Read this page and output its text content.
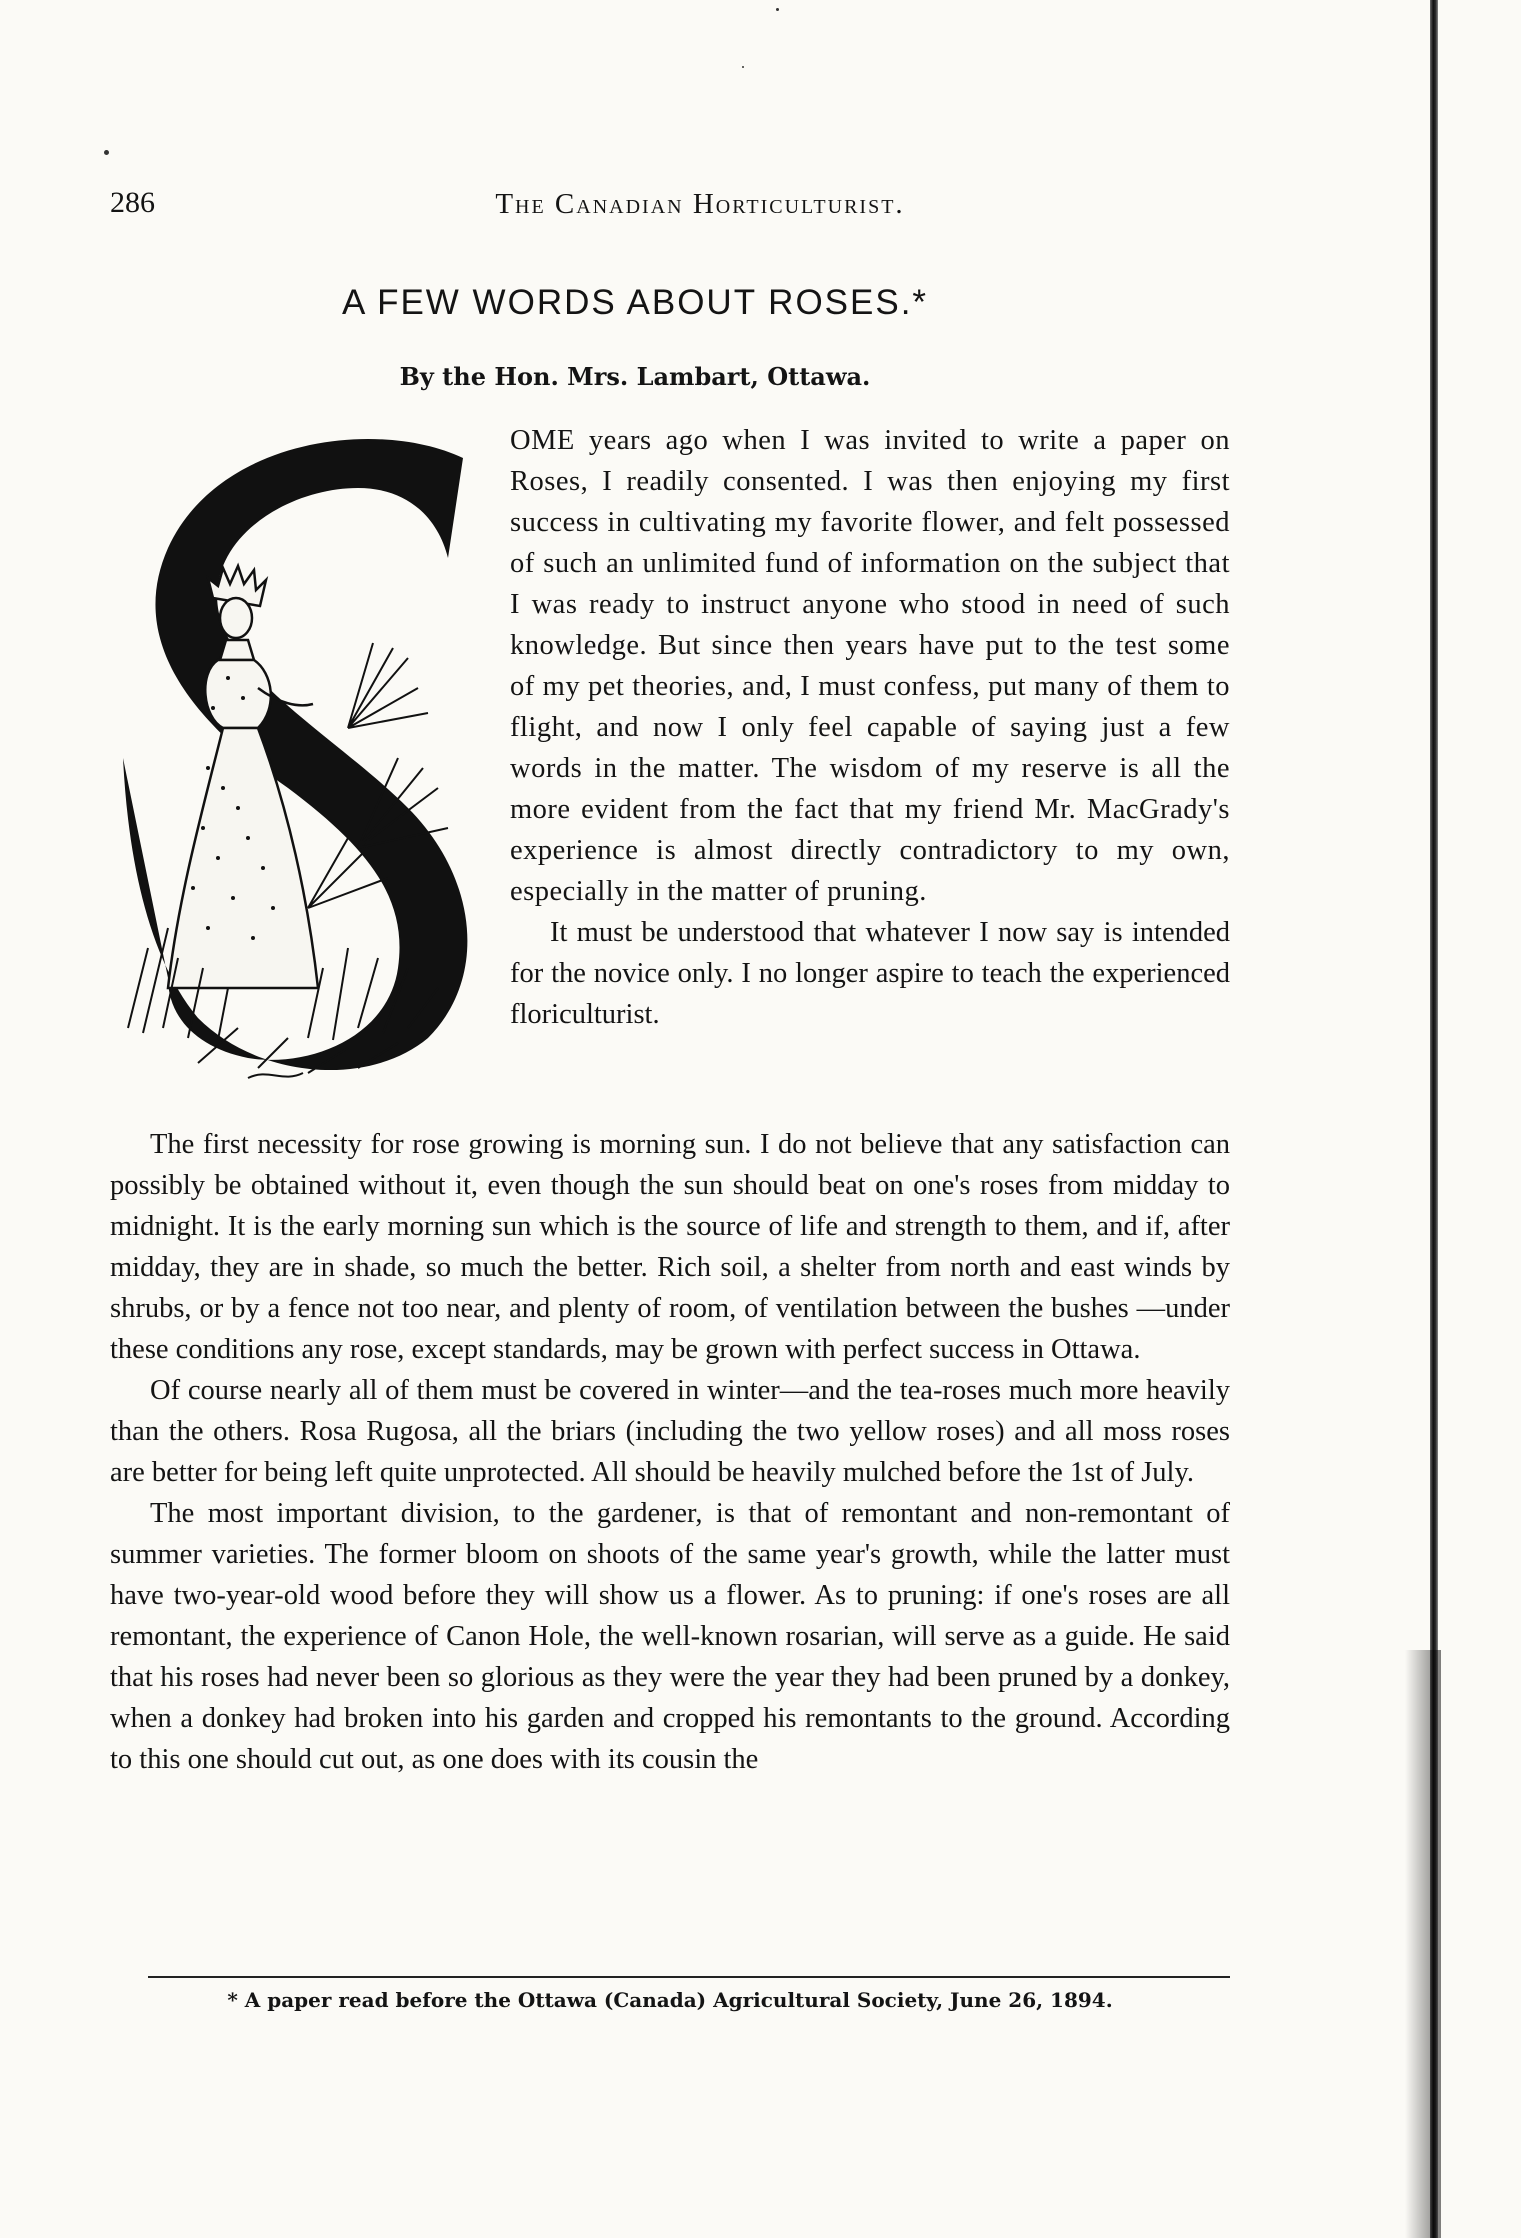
286	The Canadian Horticulturist.
A FEW WORDS ABOUT ROSES.*
By the Hon. Mrs. Lambart, Ottawa.

OME years ago when I was invited to write a paper on Roses, I readily consented. I was then enjoying my first success in cultivating my favorite flower, and felt possessed of such an unlimited fund of information on the subject that I was ready to instruct anyone who stood in need of such knowledge. But since then years have put to the test some of my pet theories, and, I must confess, put many of them to flight, and now I only feel capable of saying just a few words in the matter. The wisdom of my reserve is all the more evident from the fact that my friend Mr. MacGrady's experience is almost directly contradictory to my own, especially in the matter of pruning.

It must be understood that whatever I now say is intended for the novice only. I no longer aspire to teach the experienced floriculturist.

The first necessity for rose growing is morning sun. I do not believe that any satisfaction can possibly be obtained without it, even though the sun should beat on one's roses from midday to midnight. It is the early morning sun which is the source of life and strength to them, and if, after midday, they are in shade, so much the better. Rich soil, a shelter from north and east winds by shrubs, or by a fence not too near, and plenty of room, of ventilation between the bushes —under these conditions any rose, except standards, may be grown with perfect success in Ottawa.

Of course nearly all of them must be covered in winter—and the tea-roses much more heavily than the others. Rosa Rugosa, all the briars (including the two yellow roses) and all moss roses are better for being left quite unprotected. All should be heavily mulched before the 1st of July.

The most important division, to the gardener, is that of remontant and non-remontant of summer varieties. The former bloom on shoots of the same year's growth, while the latter must have two-year-old wood before they will show us a flower. As to pruning: if one's roses are all remontant, the experience of Canon Hole, the well-known rosarian, will serve as a guide. He said that his roses had never been so glorious as they were the year they had been pruned by a donkey, when a donkey had broken into his garden and cropped his remontants to the ground. According to this one should cut out, as one does with its cousin the

* A paper read before the Ottawa (Canada) Agricultural Society, June 26, 1894.
